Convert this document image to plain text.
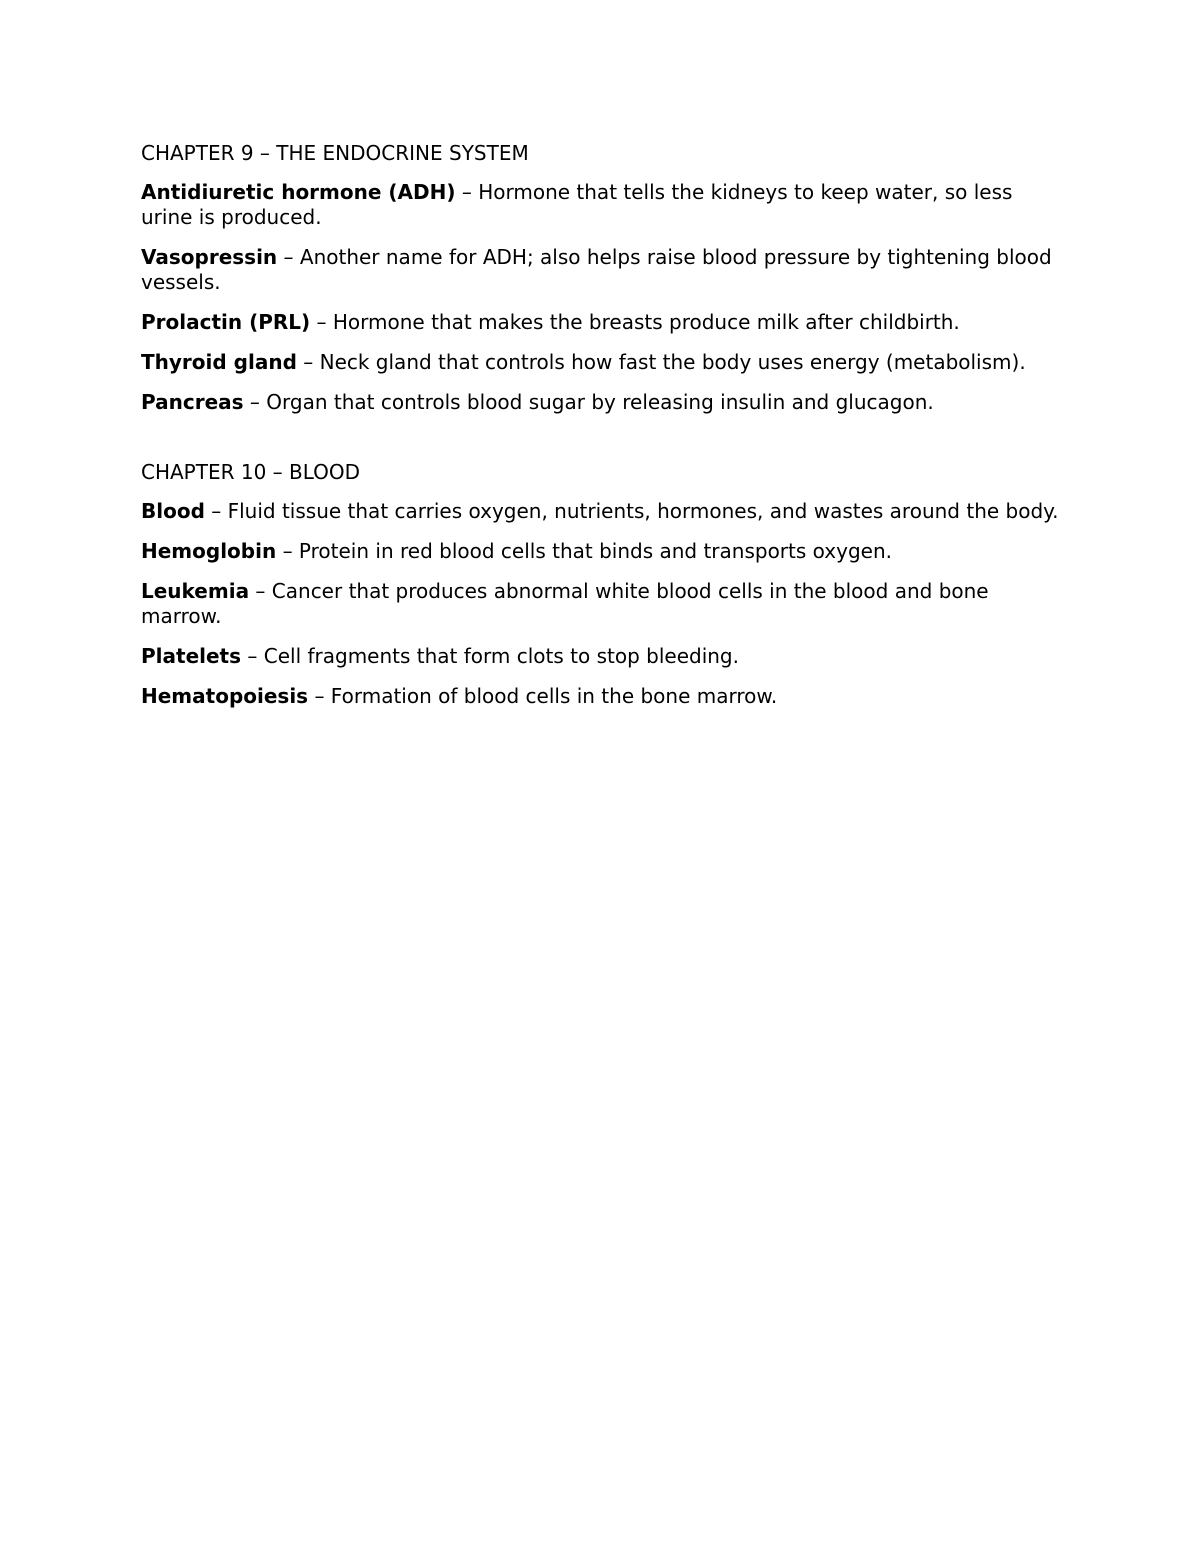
CHAPTER 9 – THE ENDOCRINE SYSTEM

Antidiuretic hormone (ADH) – Hormone that tells the kidneys to keep water, so less urine is produced.

Vasopressin – Another name for ADH; also helps raise blood pressure by tightening blood vessels.

Prolactin (PRL) – Hormone that makes the breasts produce milk after childbirth.

Thyroid gland – Neck gland that controls how fast the body uses energy (metabolism).

Pancreas – Organ that controls blood sugar by releasing insulin and glucagon.

CHAPTER 10 – BLOOD

Blood – Fluid tissue that carries oxygen, nutrients, hormones, and wastes around the body.

Hemoglobin – Protein in red blood cells that binds and transports oxygen.

Leukemia – Cancer that produces abnormal white blood cells in the blood and bone marrow.

Platelets – Cell fragments that form clots to stop bleeding.

Hematopoiesis – Formation of blood cells in the bone marrow.
